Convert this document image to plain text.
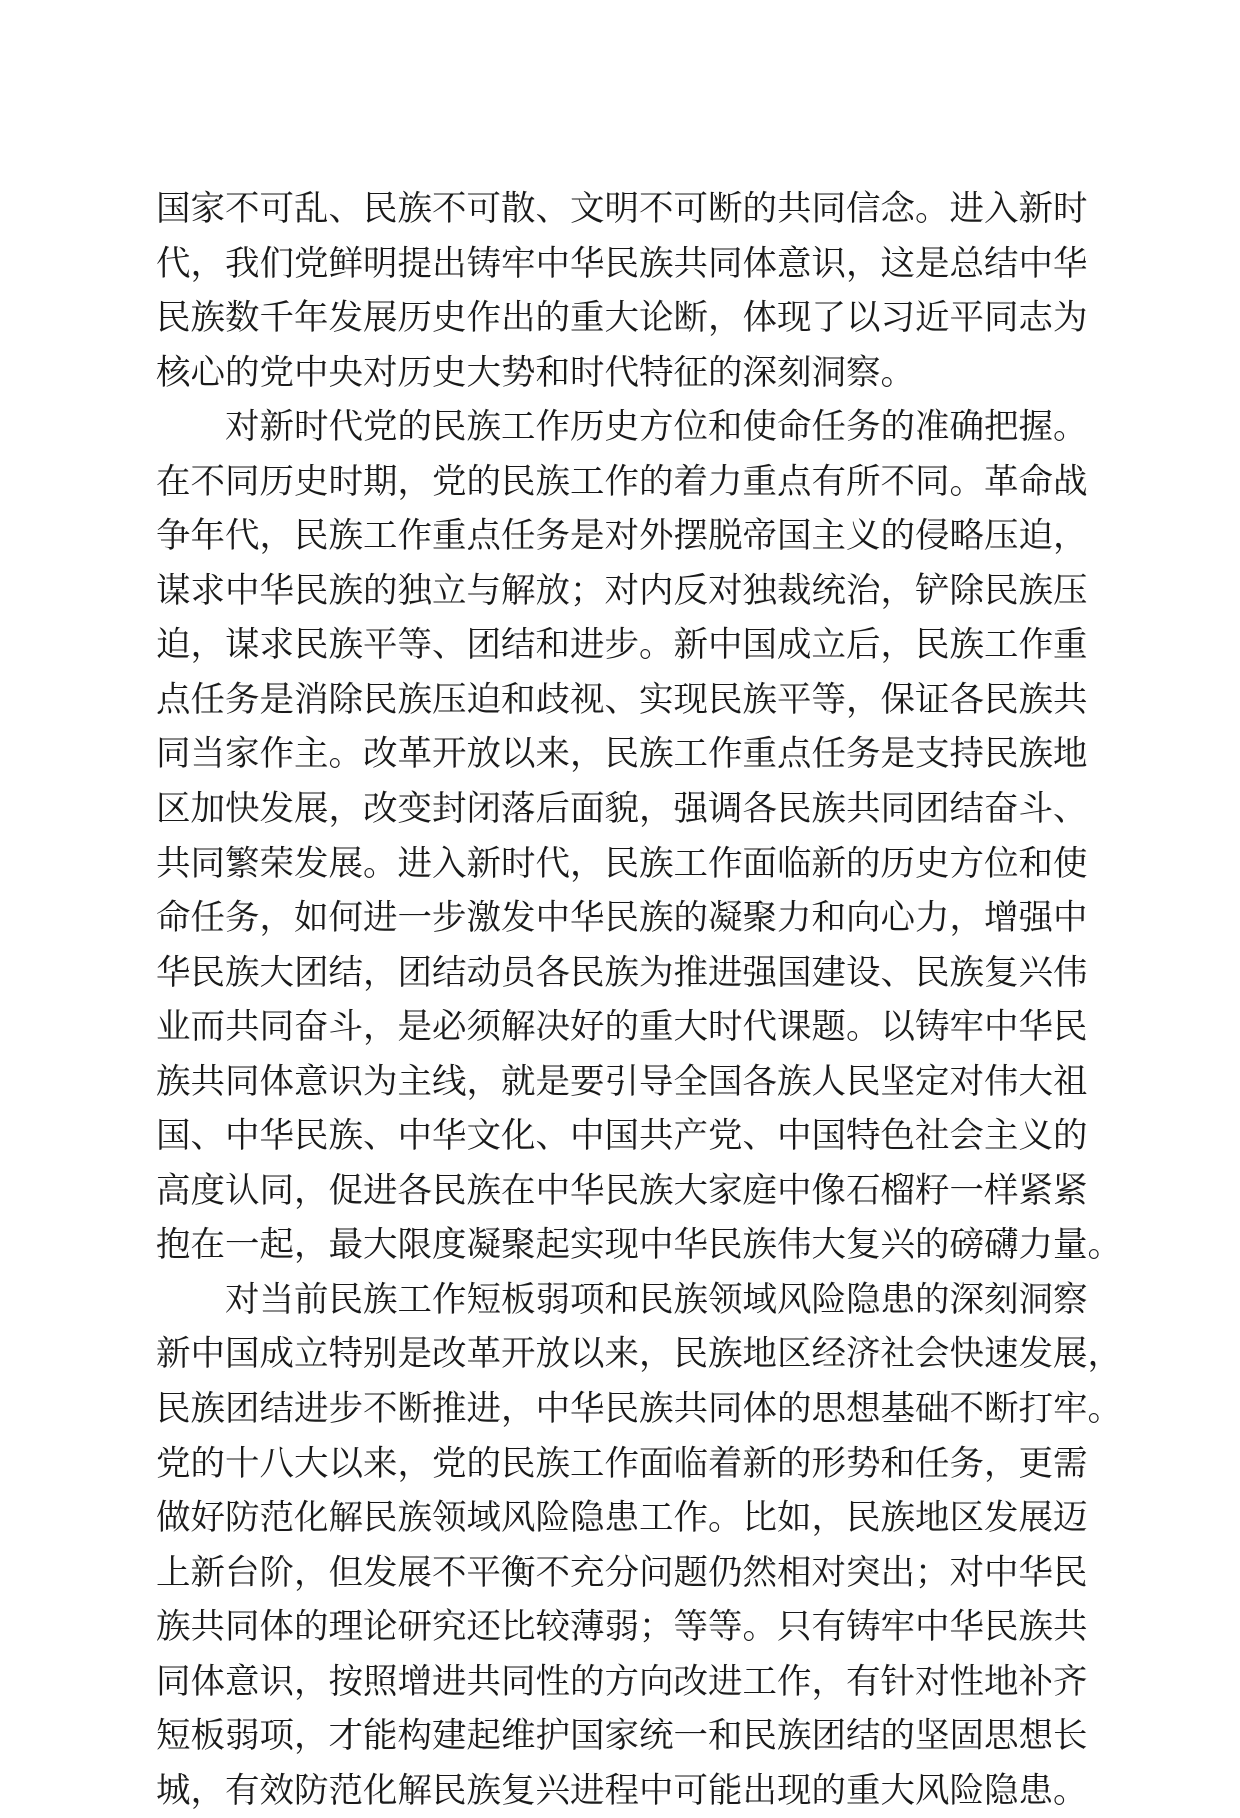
国家不可乱、民族不可散、文明不可断的共同信念。进入新时
代，我们党鲜明提出铸牢中华民族共同体意识，这是总结中华
民族数千年发展历史作出的重大论断，体现了以习近平同志为
核心的党中央对历史大势和时代特征的深刻洞察。
对新时代党的民族工作历史方位和使命任务的准确把握。
在不同历史时期，党的民族工作的着力重点有所不同。革命战
争年代，民族工作重点任务是对外摆脱帝国主义的侵略压迫，
谋求中华民族的独立与解放；对内反对独裁统治，铲除民族压
迫，谋求民族平等、团结和进步。新中国成立后，民族工作重
点任务是消除民族压迫和歧视、实现民族平等，保证各民族共
同当家作主。改革开放以来，民族工作重点任务是支持民族地
区加快发展，改变封闭落后面貌，强调各民族共同团结奋斗、
共同繁荣发展。进入新时代，民族工作面临新的历史方位和使
命任务，如何进一步激发中华民族的凝聚力和向心力，增强中
华民族大团结，团结动员各民族为推进强国建设、民族复兴伟
业而共同奋斗，是必须解决好的重大时代课题。以铸牢中华民
族共同体意识为主线，就是要引导全国各族人民坚定对伟大祖
国、中华民族、中华文化、中国共产党、中国特色社会主义的
高度认同，促进各民族在中华民族大家庭中像石榴籽一样紧紧
抱在一起，最大限度凝聚起实现中华民族伟大复兴的磅礴力量。
对当前民族工作短板弱项和民族领域风险隐患的深刻洞察
新中国成立特别是改革开放以来，民族地区经济社会快速发展，
民族团结进步不断推进，中华民族共同体的思想基础不断打牢。
党的十八大以来，党的民族工作面临着新的形势和任务，更需
做好防范化解民族领域风险隐患工作。比如，民族地区发展迈
上新台阶，但发展不平衡不充分问题仍然相对突出；对中华民
族共同体的理论研究还比较薄弱；等等。只有铸牢中华民族共
同体意识，按照增进共同性的方向改进工作，有针对性地补齐
短板弱项，才能构建起维护国家统一和民族团结的坚固思想长
城，有效防范化解民族复兴进程中可能出现的重大风险隐患。
